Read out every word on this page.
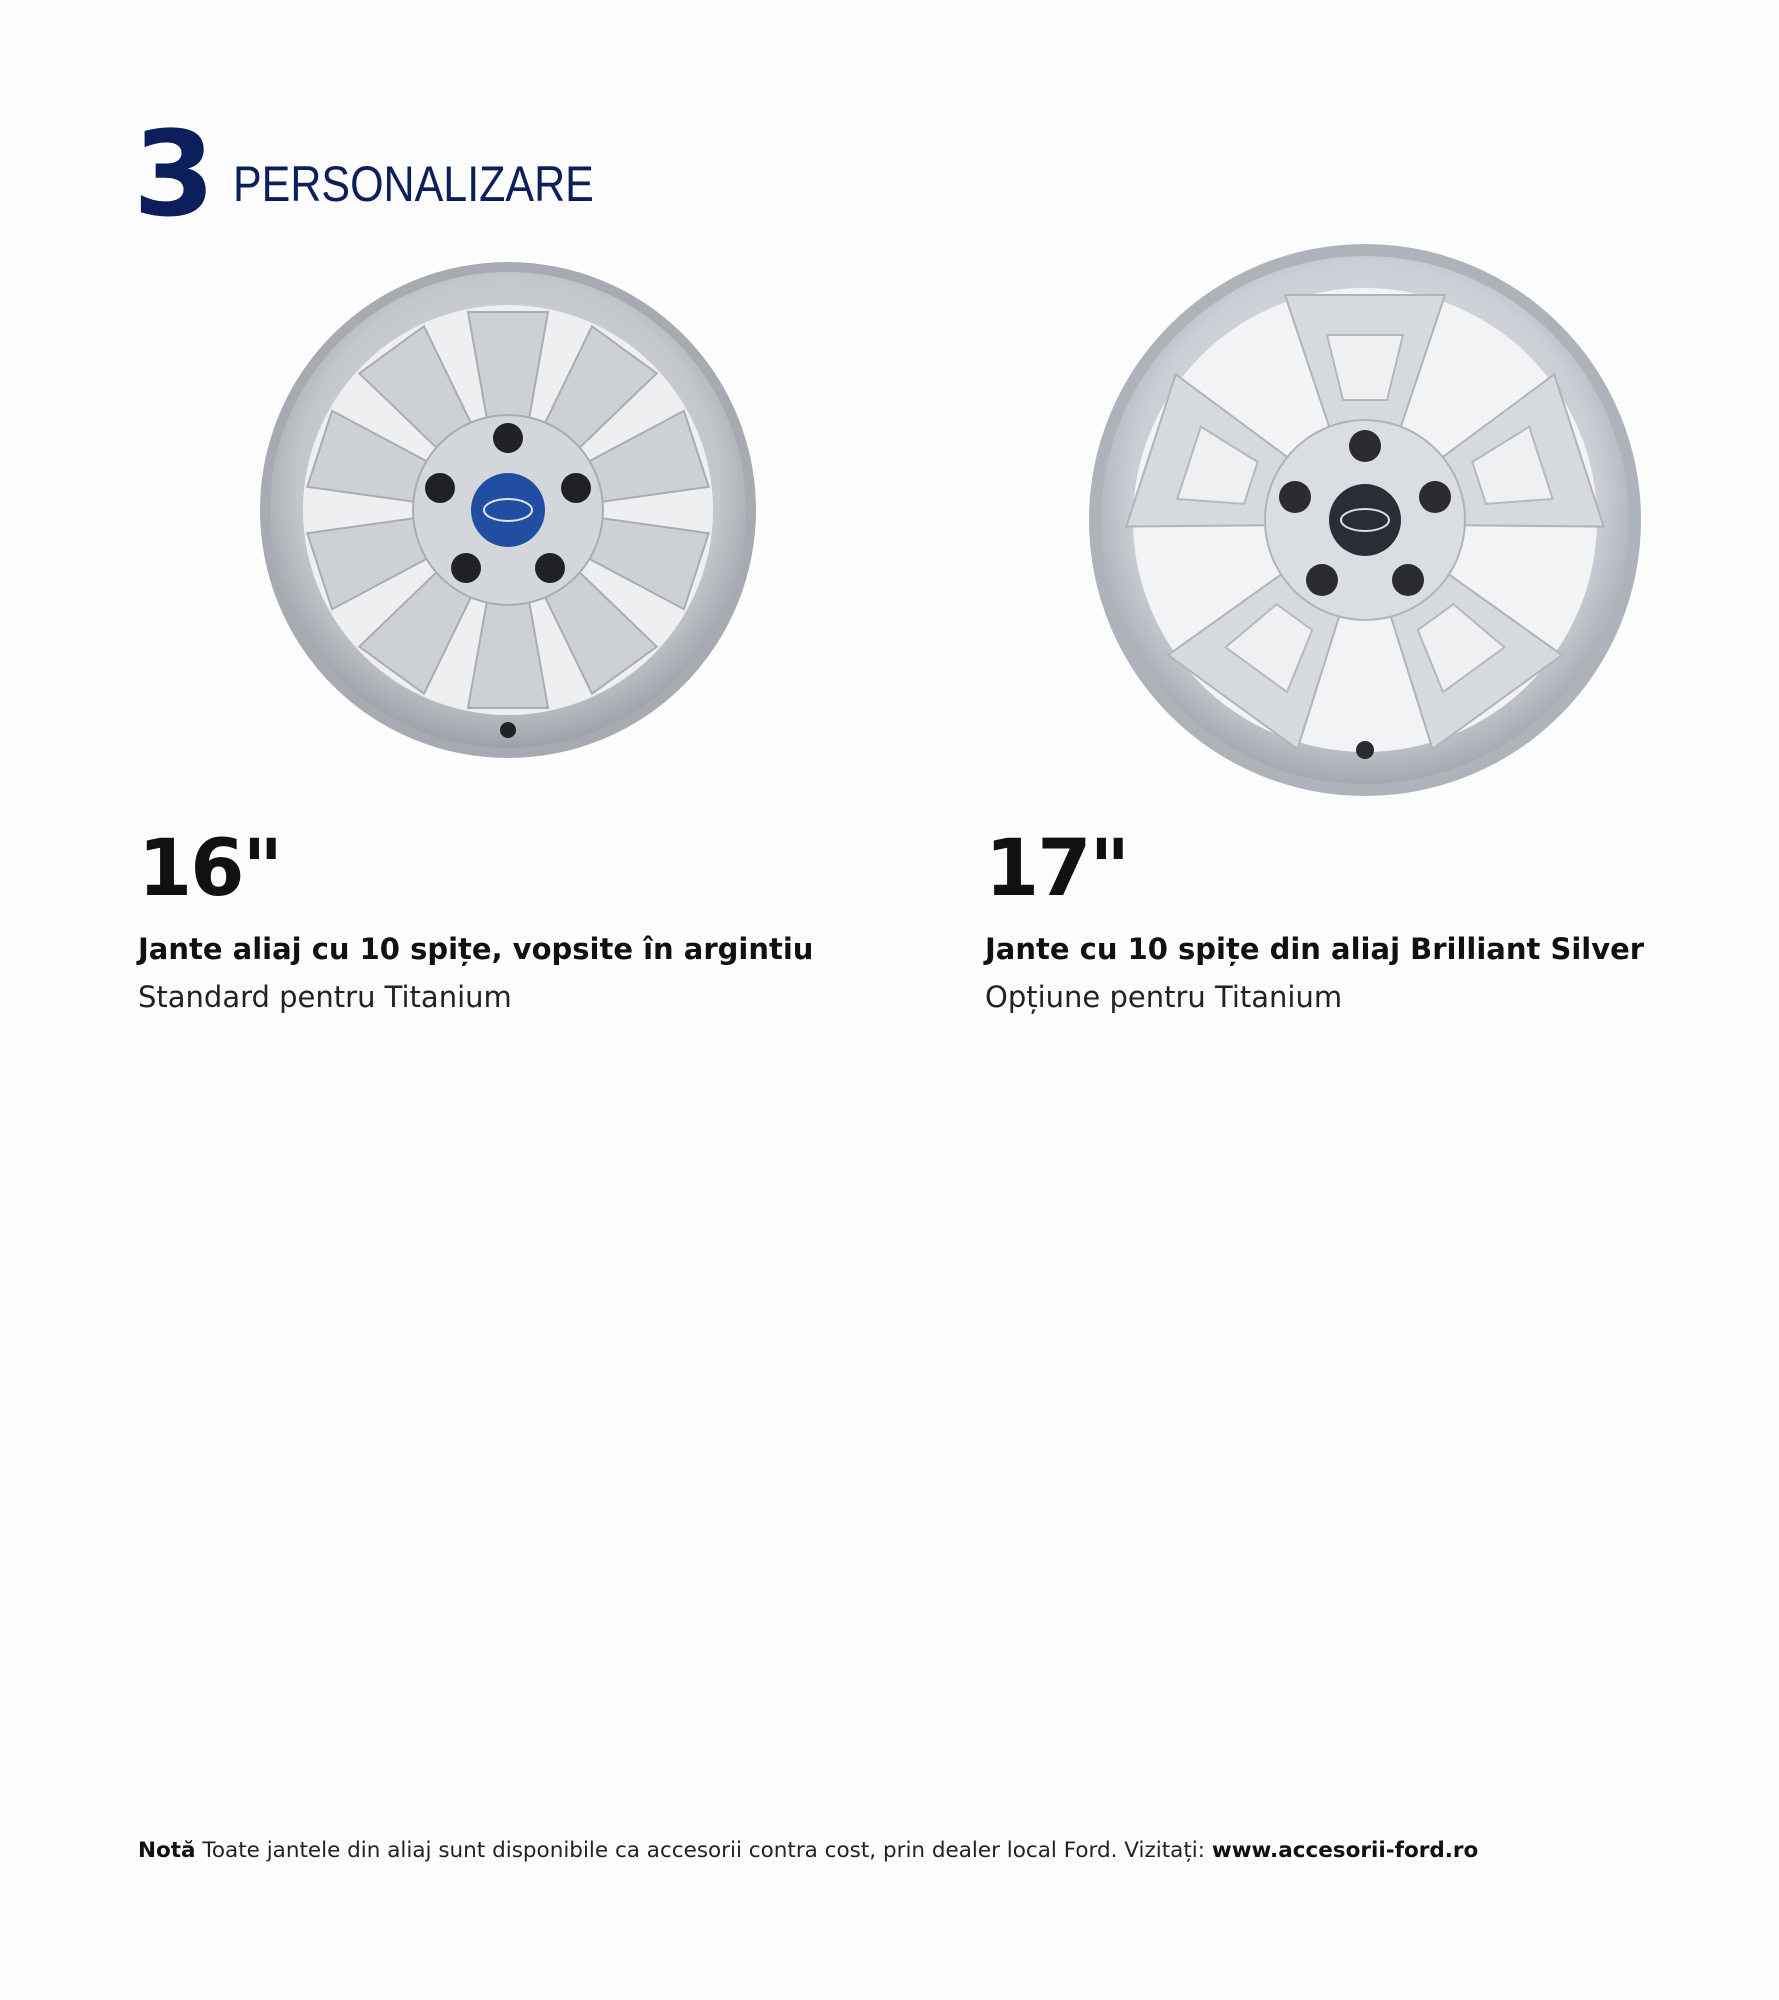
3 PERSONALIZARE
16"
Jante aliaj cu 10 spițe, vopsite în argintiu
Standard pentru Titanium
17"
Jante cu 10 spițe din aliaj Brilliant Silver
Opțiune pentru Titanium
Notă Toate jantele din aliaj sunt disponibile ca accesorii contra cost, prin dealer local Ford. Vizitați: www.accesorii-ford.ro
